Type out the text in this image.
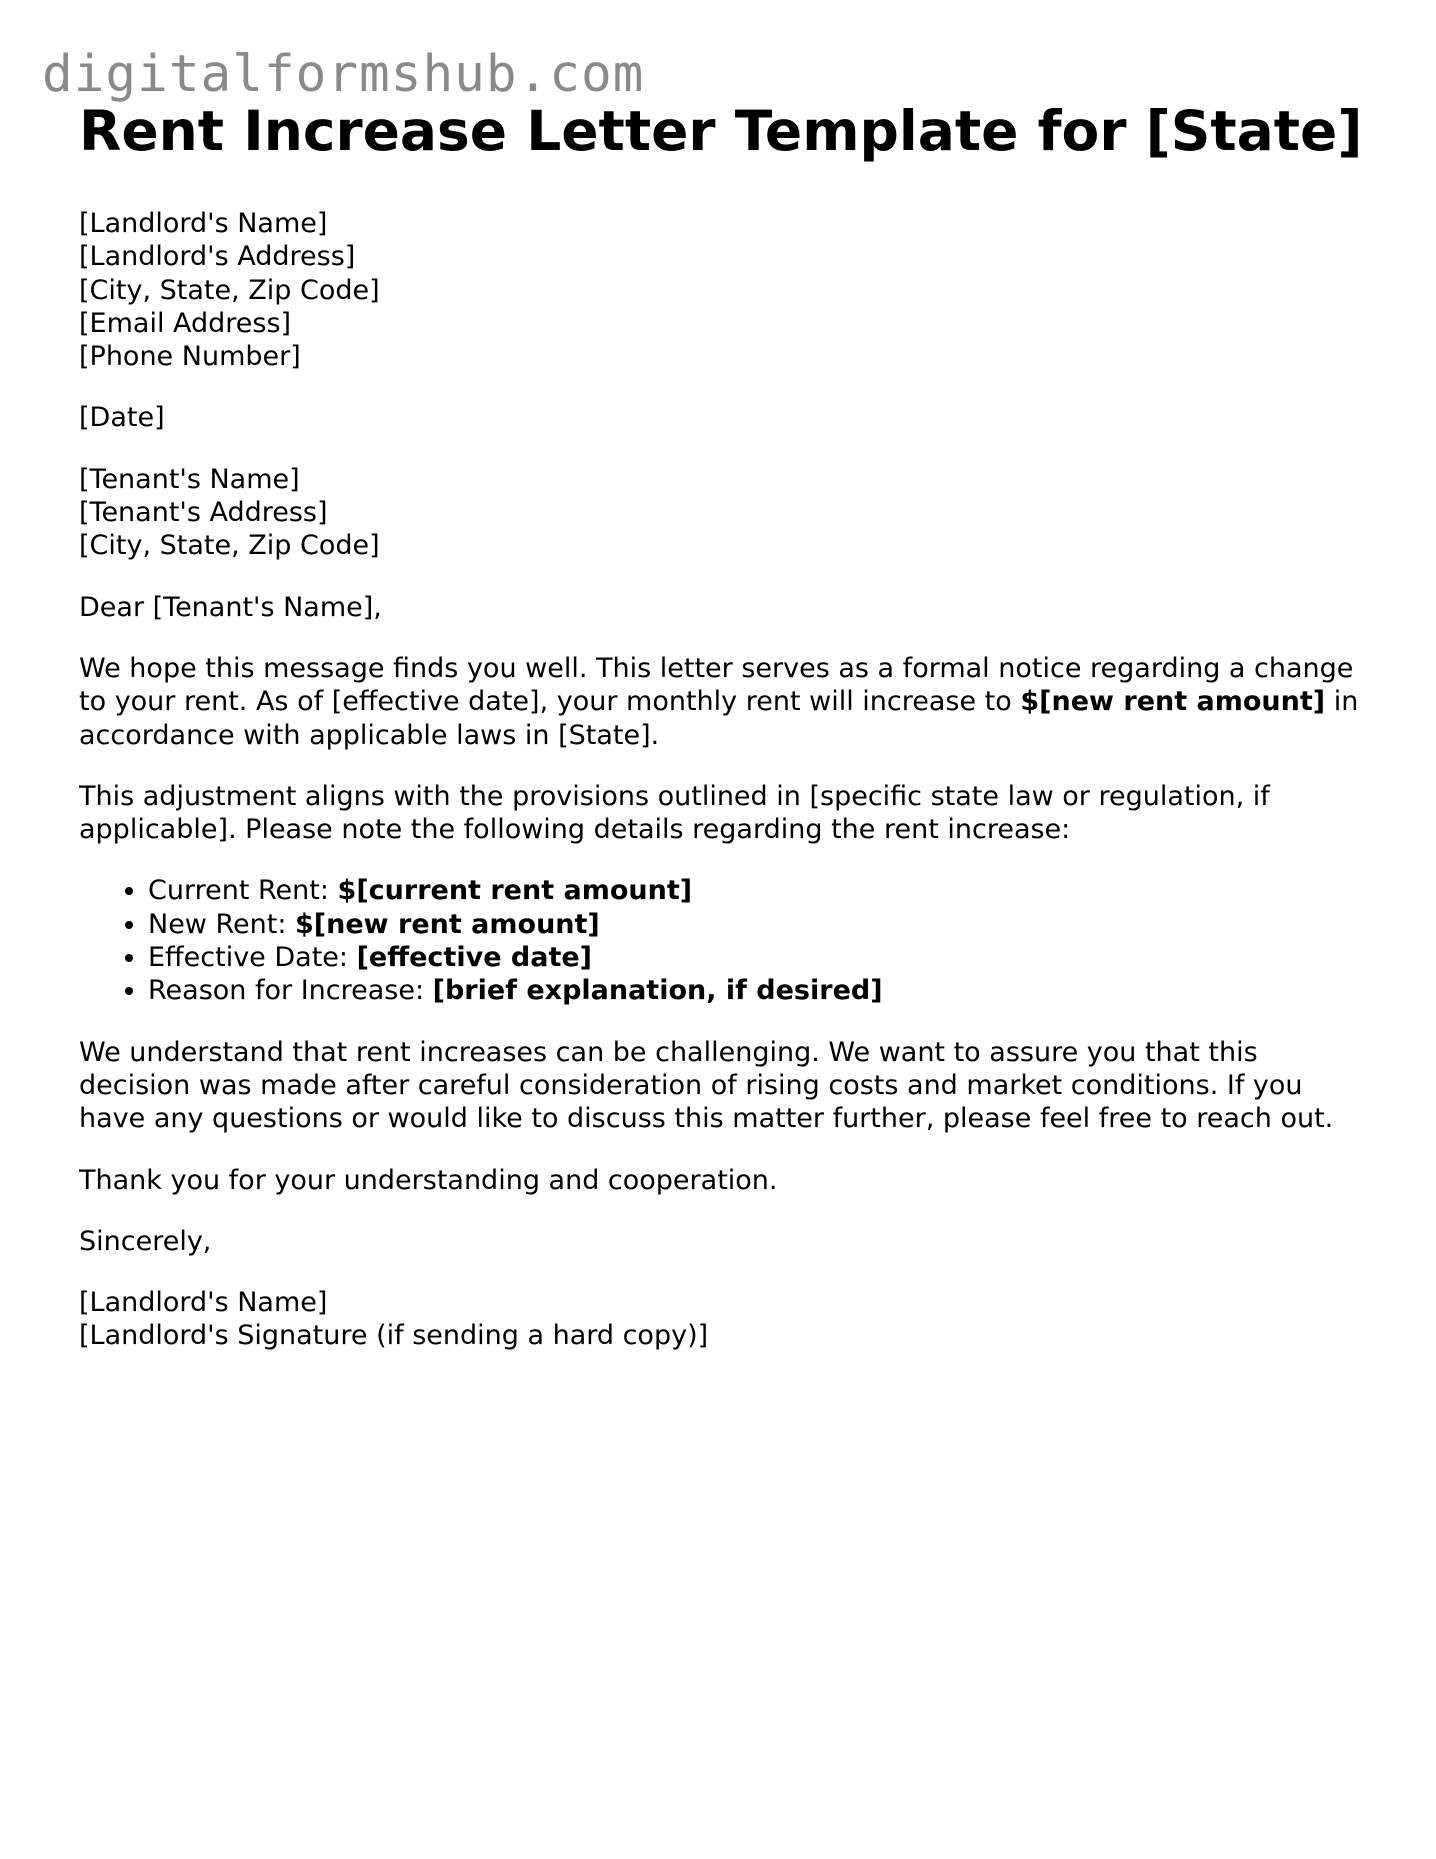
digitalformshub.com
Rent Increase Letter Template for [State]
[Landlord's Name]
[Landlord's Address]
[City, State, Zip Code]
[Email Address]
[Phone Number]

[Date]

[Tenant's Name]
[Tenant's Address]
[City, State, Zip Code]

Dear [Tenant's Name],

We hope this message finds you well. This letter serves as a formal notice regarding a change to your rent. As of [effective date], your monthly rent will increase to $[new rent amount] in accordance with applicable laws in [State].

This adjustment aligns with the provisions outlined in [specific state law or regulation, if applicable]. Please note the following details regarding the rent increase:

• Current Rent: $[current rent amount]
• New Rent: $[new rent amount]
• Effective Date: [effective date]
• Reason for Increase: [brief explanation, if desired]

We understand that rent increases can be challenging. We want to assure you that this decision was made after careful consideration of rising costs and market conditions. If you have any questions or would like to discuss this matter further, please feel free to reach out.

Thank you for your understanding and cooperation.

Sincerely,

[Landlord's Name]
[Landlord's Signature (if sending a hard copy)]
